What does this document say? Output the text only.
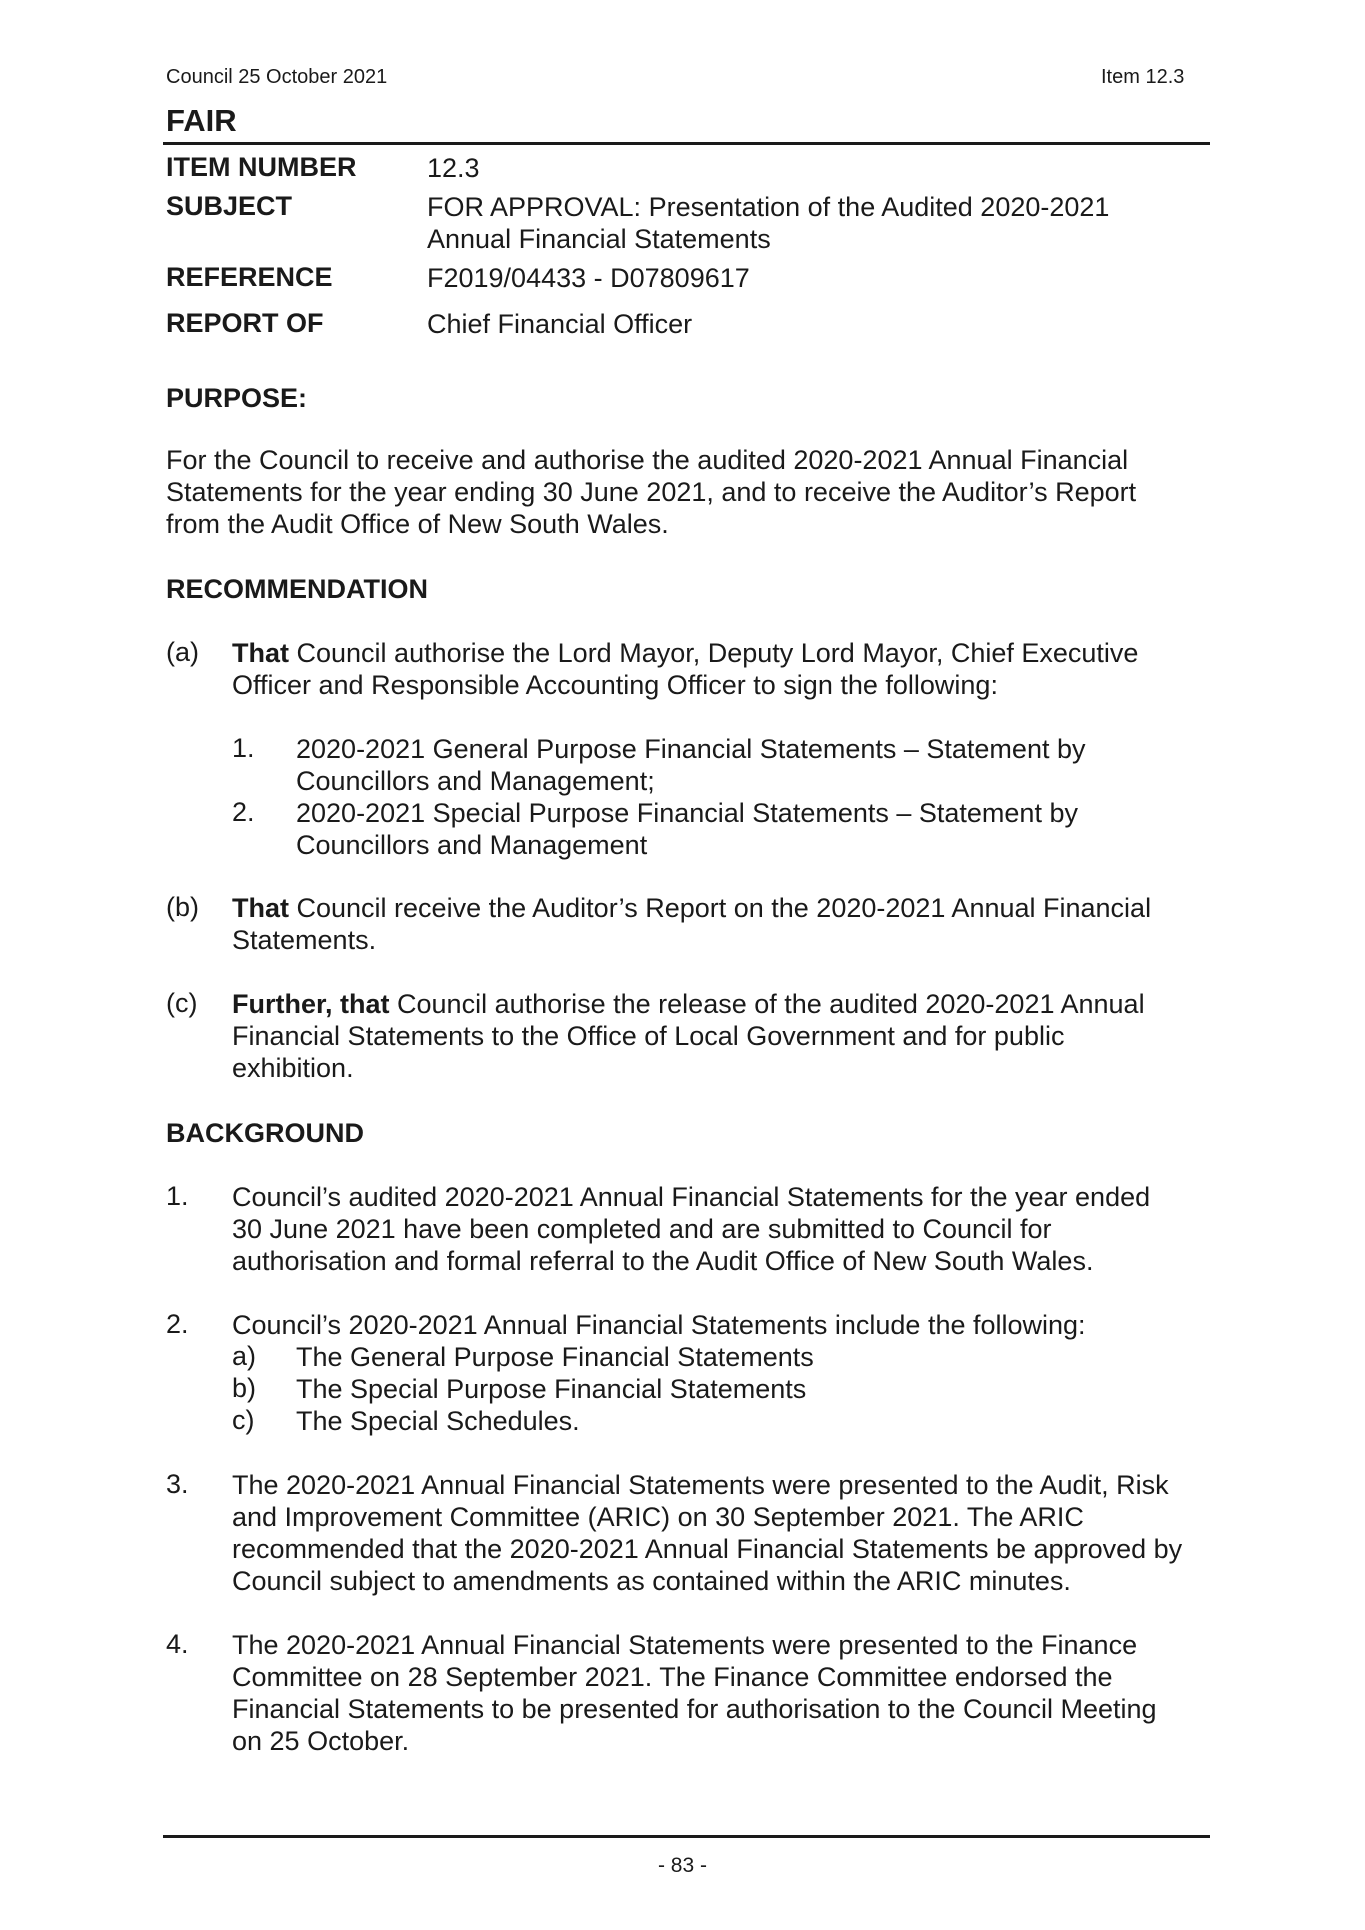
Council 25 October 2021	Item 12.3
FAIR
ITEM NUMBER	12.3
SUBJECT	FOR APPROVAL: Presentation of the Audited 2020-2021
Annual Financial Statements
REFERENCE	F2019/04433 - D07809617
REPORT OF	Chief Financial Officer
PURPOSE:
For the Council to receive and authorise the audited 2020-2021 Annual Financial
Statements for the year ending 30 June 2021, and to receive the Auditor’s Report
from the Audit Office of New South Wales.
RECOMMENDATION
(a) That Council authorise the Lord Mayor, Deputy Lord Mayor, Chief Executive
Officer and Responsible Accounting Officer to sign the following:
1. 2020-2021 General Purpose Financial Statements – Statement by
Councillors and Management;
2. 2020-2021 Special Purpose Financial Statements – Statement by
Councillors and Management
(b) That Council receive the Auditor’s Report on the 2020-2021 Annual Financial
Statements.
(c) Further, that Council authorise the release of the audited 2020-2021 Annual
Financial Statements to the Office of Local Government and for public
exhibition.
BACKGROUND
1. Council’s audited 2020-2021 Annual Financial Statements for the year ended
30 June 2021 have been completed and are submitted to Council for
authorisation and formal referral to the Audit Office of New South Wales.
2. Council’s 2020-2021 Annual Financial Statements include the following:
a) The General Purpose Financial Statements
b) The Special Purpose Financial Statements
c) The Special Schedules.
3. The 2020-2021 Annual Financial Statements were presented to the Audit, Risk
and Improvement Committee (ARIC) on 30 September 2021. The ARIC
recommended that the 2020-2021 Annual Financial Statements be approved by
Council subject to amendments as contained within the ARIC minutes.
4. The 2020-2021 Annual Financial Statements were presented to the Finance
Committee on 28 September 2021. The Finance Committee endorsed the
Financial Statements to be presented for authorisation to the Council Meeting
on 25 October.
- 83 -
